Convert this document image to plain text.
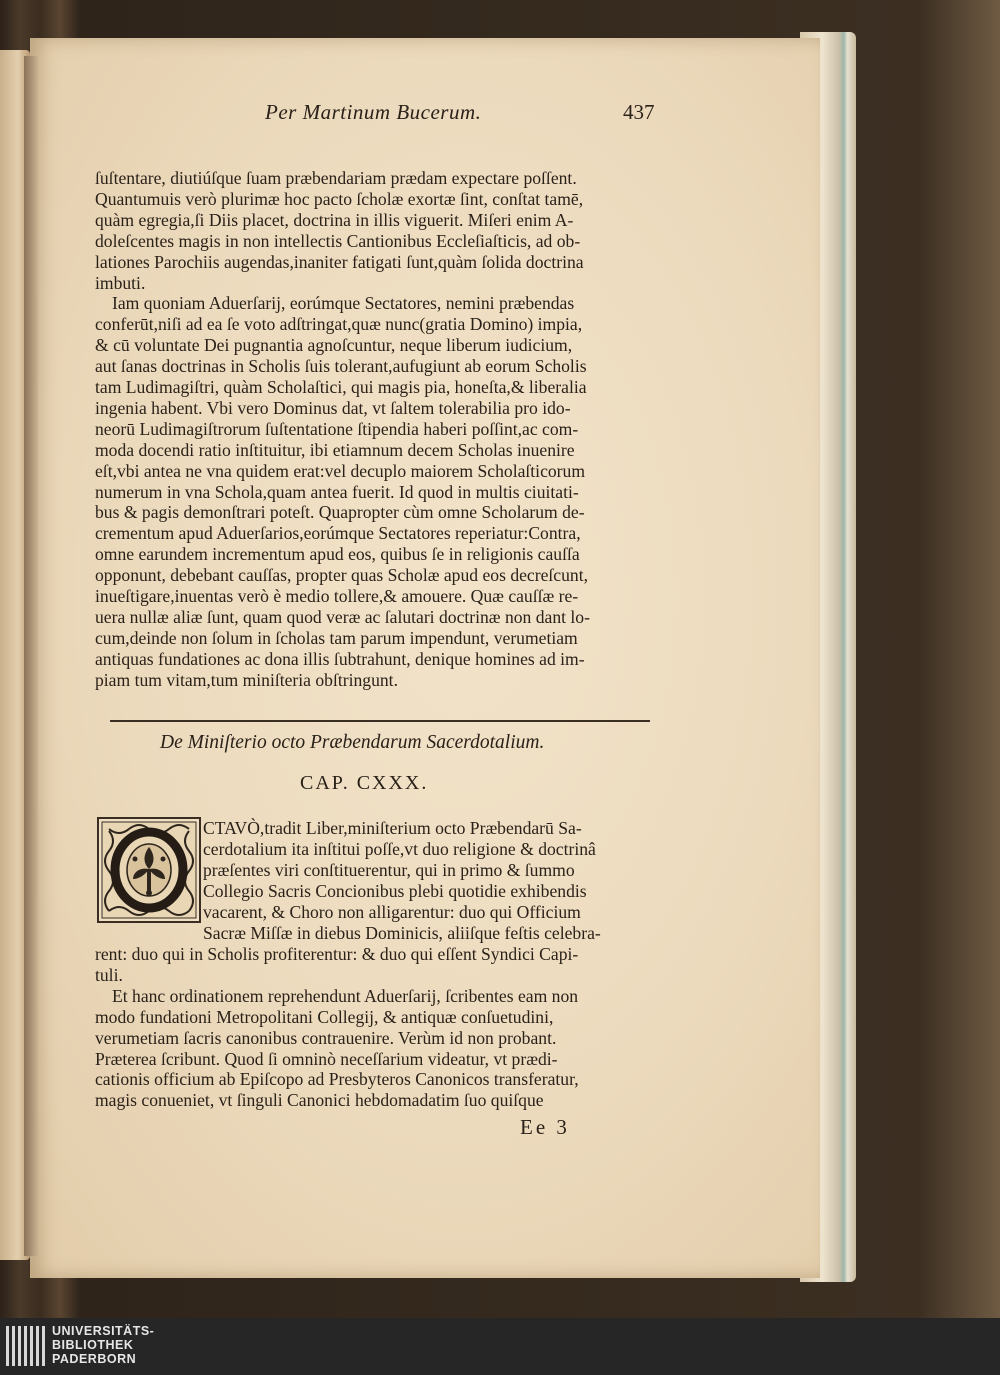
Per Martinum Bucerum.	437
ſuſtentare, diutiúſque ſuam præbendariam prædam expectare poſſent.
Quantumuis verò plurimæ hoc pacto ſcholæ exortæ ſint, conſtat tamē,
quàm egregia,ſi Diis placet, doctrina in illis viguerit. Miſeri enim A-
doleſcentes magis in non intellectis Cantionibus Eccleſiaſticis, ad ob-
lationes Parochiis augendas,inaniter fatigati ſunt,quàm ſolida doctrina
imbuti.
Iam quoniam Aduerſarij, eorúmque Sectatores, nemini præbendas
conferūt,niſi ad ea ſe voto adſtringat,quæ nunc(gratia Domino) impia,
& cū voluntate Dei pugnantia agnoſcuntur, neque liberum iudicium,
aut ſanas doctrinas in Scholis ſuis tolerant,aufugiunt ab eorum Scholis
tam Ludimagiſtri, quàm Scholaſtici, qui magis pia, honeſta,& liberalia
ingenia habent. Vbi vero Dominus dat, vt ſaltem tolerabilia pro ido-
neorū Ludimagiſtrorum ſuſtentatione ſtipendia haberi poſſint,ac com-
moda docendi ratio inſtituitur, ibi etiamnum decem Scholas inuenire
eſt,vbi antea ne vna quidem erat:vel decuplo maiorem Scholaſticorum
numerum in vna Schola,quam antea fuerit. Id quod in multis ciuitati-
bus & pagis demonſtrari poteſt. Quapropter cùm omne Scholarum de-
crementum apud Aduerſarios,eorúmque Sectatores reperiatur:Contra,
omne earundem incrementum apud eos, quibus ſe in religionis cauſſa
opponunt, debebant cauſſas, propter quas Scholæ apud eos decreſcunt,
inueſtigare,inuentas verò è medio tollere,& amouere. Quæ cauſſæ re-
uera nullæ aliæ ſunt, quam quod veræ ac ſalutari doctrinæ non dant lo-
cum,deinde non ſolum in ſcholas tam parum impendunt, verumetiam
antiquas fundationes ac dona illis ſubtrahunt, denique homines ad im-
piam tum vitam,tum miniſteria obſtringunt.
De Miniſterio octo Præbendarum Sacerdotalium.
CAP. CXXX.
CTAVÒ,tradit Liber,miniſterium octo Præbendarū Sa-
cerdotalium ita inſtitui poſſe,vt duo religione & doctrinâ
præſentes viri conſtituerentur, qui in primo & ſummo
Collegio Sacris Concionibus plebi quotidie exhibendis
vacarent, & Choro non alligarentur: duo qui Officium
Sacræ Miſſæ in diebus Dominicis, aliiſque feſtis celebra-
rent: duo qui in Scholis profiterentur: & duo qui eſſent Syndici Capi-
tuli.
Et hanc ordinationem reprehendunt Aduerſarij, ſcribentes eam non
modo fundationi Metropolitani Collegij, & antiquæ conſuetudini,
verumetiam ſacris canonibus contrauenire. Verùm id non probant.
Præterea ſcribunt. Quod ſi omninò neceſſarium videatur, vt prædi-
cationis officium ab Epiſcopo ad Presbyteros Canonicos transferatur,
magis conueniet, vt ſinguli Canonici hebdomadatim ſuo quiſque
Ee 3
UNIVERSITÄTS-
BIBLIOTHEK
PADERBORN
